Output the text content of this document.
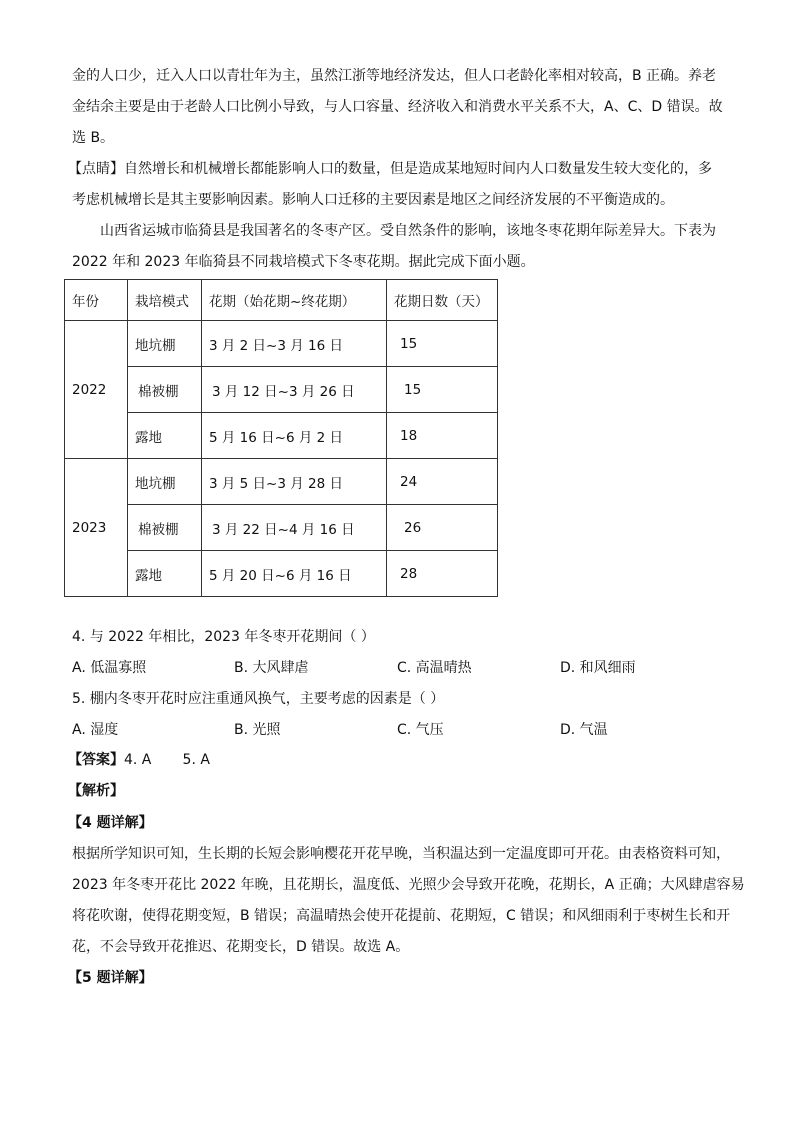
金的人口少，迁入人口以青壮年为主，虽然江浙等地经济发达，但人口老龄化率相对较高，B 正确。养老
金结余主要是由于老龄人口比例小导致，与人口容量、经济收入和消费水平关系不大，A、C、D 错误。故
选 B。
【点睛】自然增长和机械增长都能影响人口的数量，但是造成某地短时间内人口数量发生较大变化的，多
考虑机械增长是其主要影响因素。影响人口迁移的主要因素是地区之间经济发展的不平衡造成的。
山西省运城市临猗县是我国著名的冬枣产区。受自然条件的影响，该地冬枣花期年际差异大。下表为
2022 年和 2023 年临猗县不同栽培模式下冬枣花期。据此完成下面小题。
年份	栽培模式	花期（始花期~终花期）	花期日数（天）
2022	地坑棚	3 月 2 日~3 月 16 日	15
	棉被棚	3 月 12 日~3 月 26 日	15
	露地	5 月 16 日~6 月 2 日	18
2023	地坑棚	3 月 5 日~3 月 28 日	24
	棉被棚	3 月 22 日~4 月 16 日	26
	露地	5 月 20 日~6 月 16 日	28
4. 与 2022 年相比，2023 年冬枣开花期间（ ）
A. 低温寡照	B. 大风肆虐	C. 高温晴热	D. 和风细雨
5. 棚内冬枣开花时应注重通风换气，主要考虑的因素是（ ）
A. 湿度	B. 光照	C. 气压	D. 气温
【答案】4. A       5. A
【解析】
【4 题详解】
根据所学知识可知，生长期的长短会影响樱花开花早晚，当积温达到一定温度即可开花。由表格资料可知，
2023 年冬枣开花比 2022 年晚，且花期长，温度低、光照少会导致开花晚，花期长，A 正确；大风肆虐容易
将花吹谢，使得花期变短，B 错误；高温晴热会使开花提前、花期短，C 错误；和风细雨利于枣树生长和开
花，不会导致开花推迟、花期变长，D 错误。故选 A。
【5 题详解】
